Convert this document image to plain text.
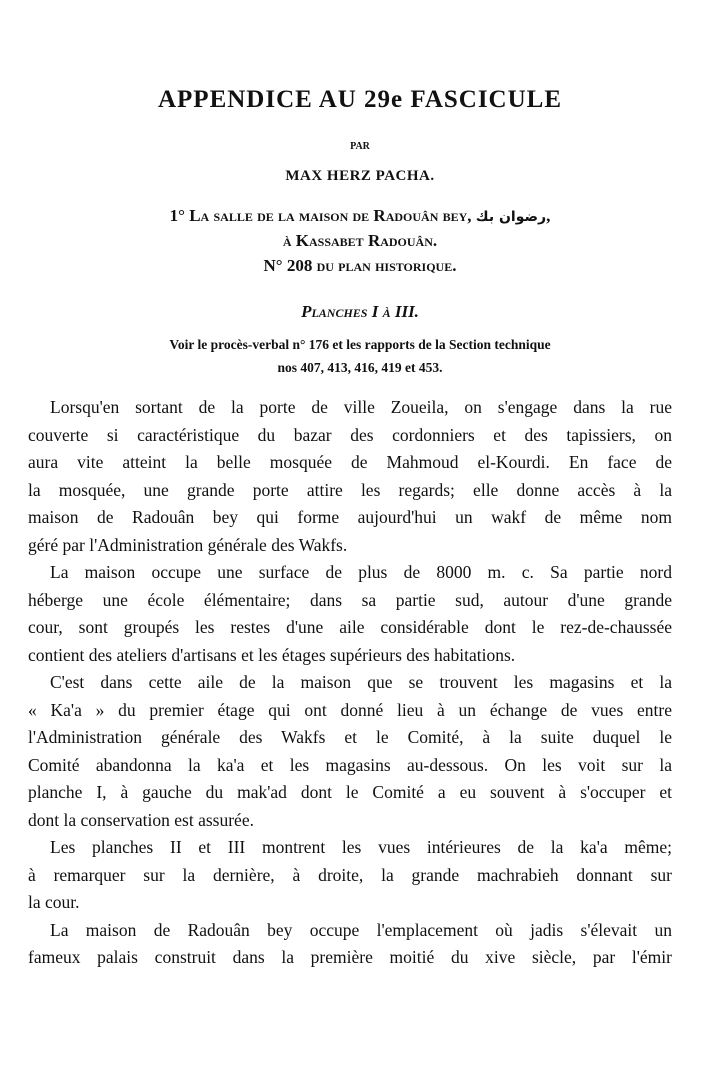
APPENDICE AU 29e FASCICULE
PAR
MAX HERZ PACHA.
1° La salle de la maison de Radouân bey, رضوان بك,
à Kassabet Radouân.
N° 208 du plan historique.
Planches I à III.
Voir le procès-verbal n° 176 et les rapports de la Section technique
nos 407, 413, 416, 419 et 453.
Lorsqu'en sortant de la porte de ville Zoueila, on s'engage dans la rue
couverte si caractéristique du bazar des cordonniers et des tapissiers, on
aura vite atteint la belle mosquée de Mahmoud el-Kourdi. En face de
la mosquée, une grande porte attire les regards; elle donne accès à la
maison de Radouân bey qui forme aujourd'hui un wakf de même nom
géré par l'Administration générale des Wakfs.
La maison occupe une surface de plus de 8000 m. c. Sa partie nord
héberge une école élémentaire; dans sa partie sud, autour d'une grande
cour, sont groupés les restes d'une aile considérable dont le rez-de-chaussée
contient des ateliers d'artisans et les étages supérieurs des habitations.
C'est dans cette aile de la maison que se trouvent les magasins et la
« Ka'a » du premier étage qui ont donné lieu à un échange de vues entre
l'Administration générale des Wakfs et le Comité, à la suite duquel le
Comité abandonna la ka'a et les magasins au-dessous. On les voit sur la
planche I, à gauche du mak'ad dont le Comité a eu souvent à s'occuper et
dont la conservation est assurée.
Les planches II et III montrent les vues intérieures de la ka'a même;
à remarquer sur la dernière, à droite, la grande machrabieh donnant sur
la cour.
La maison de Radouân bey occupe l'emplacement où jadis s'élevait un
fameux palais construit dans la première moitié du xive siècle, par l'émir
